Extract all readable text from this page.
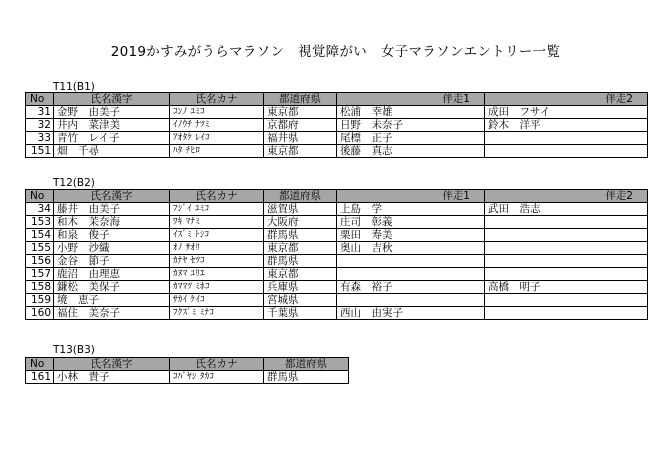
2019かすみがうらマラソン　視覚障がい　女子マラソンエントリー一覧
T11(B1)
No	氏名漢字	氏名カナ	都道府県	伴走1	伴走2
31	金野　由美子	ｺﾝﾉ ﾕﾐｺ	東京都	松浦　幸雄	成田　フサイ
32	井内　菜津美	ｲﾉｳﾁ ﾅﾂﾐ	京都府	日野　未奈子	鈴木　洋平
33	青竹　レイ子	ｱｵﾀｹ ﾚｲｺ	福井県	尾標　正子	
151	畑　千尋	ﾊﾀ ﾁﾋﾛ	東京都	後藤　真志	
T12(B2)
No	氏名漢字	氏名カナ	都道府県	伴走1	伴走2
34	藤井　由美子	ﾌｼﾞｲ ﾕﾐｺ	滋賀県	上島　学	武田　浩志
153	和木　茉奈海	ﾜｷ ﾏﾅﾐ	大阪府	庄司　彰義	
154	和泉　俊子	ｲｽﾞﾐ ﾄｼｺ	群馬県	栗田　寿美	
155	小野　沙織	ｵﾉ ｻｵﾘ	東京都	奥山　吉秋	
156	金谷　節子	ｶﾅﾔ ｾﾂｺ	群馬県		
157	鹿沼　由理恵	ｶﾇﾏ ﾕﾘｴ	東京都		
158	鎌松　美保子	ｶﾏﾏﾂ ﾐﾎｺ	兵庫県	有森　裕子	高橋　明子
159	境　恵子	ｻｶｲ ｹｲｺ	宮城県		
160	福住　美奈子	ﾌｸｽﾞﾐ ﾐﾅｺ	千葉県	西山　由実子	
T13(B3)
No	氏名漢字	氏名カナ	都道府県
161	小林　貴子	ｺﾊﾞﾔｼ ﾀｶｺ	群馬県
